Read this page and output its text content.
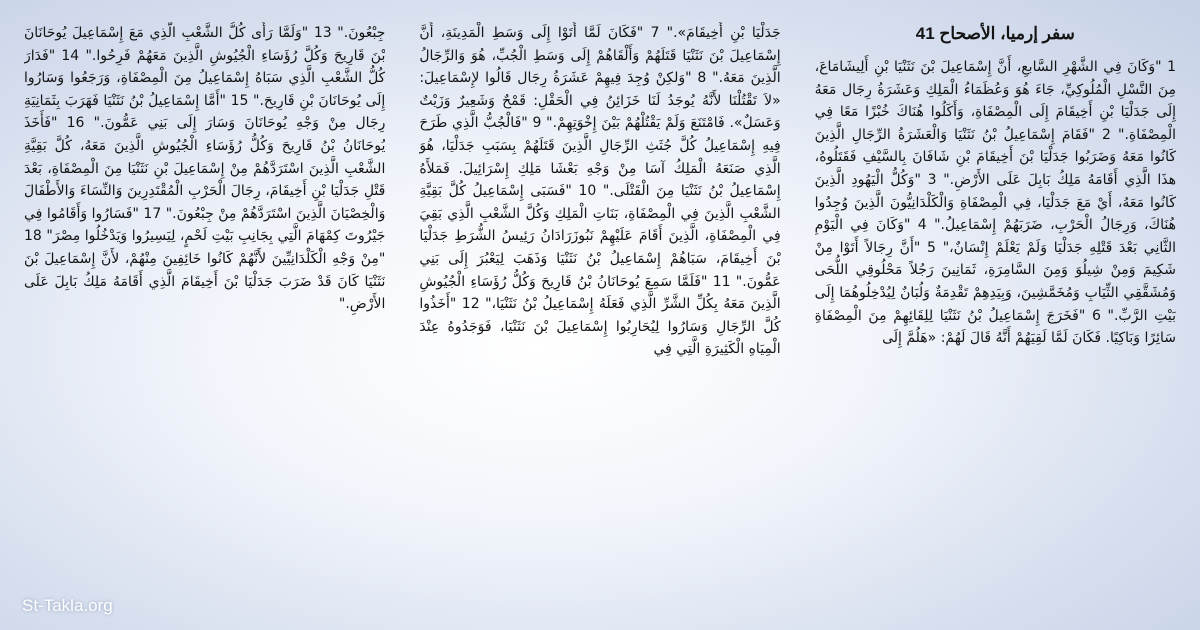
سفر إرميا، الأصحاح 41
1 "وَكَانَ فِي الشَّهْرِ السَّابعِ، أَنَّ إِسْمَاعِيلَ بْنَ نَثَنْيَا بْنِ أَلِيشَامَاعَ، مِنَ النَّسْلِ الْمُلُوكِيِّ، جَاءَ هُوَ وَعُظَمَاءُ الْمَلِكِ وَعَشَرَةُ رِجَال مَعَهُ إِلَى جَدَلْيَا بْنِ أَخِيقَامَ إِلَى الْمِصْفَاةِ، وَأَكَلُوا هُنَاكَ خُبْزًا مَعًا فِي الْمِصْفَاةِ." 2 "فَقَامَ إِسْمَاعِيلُ بْنُ نَثَنْيَا وَالْعَشَرَةُ الرِّجَالِ الَّذِينَ كَانُوا مَعَهُ وَضَرَبُوا جَدَلْيَا بْنَ أَخِيقَامَ بْنِ شَافَانَ بِالسَّيْفِ فَقَتَلُوهُ، هذَا الَّذِي أَقَامَهُ مَلِكُ بَابِلَ عَلَى الأَرْضِ." 3 "وَكُلُّ الْيَهُودِ الَّذِينَ كَانُوا مَعَهُ، أَيْ مَعَ جَدَلْيَا، فِي الْمِصْفَاةِ وَالْكَلْدَانِيُّونَ الَّذِينَ وُجِدُوا هُنَاكَ، وَرِجَالُ الْحَرْبِ، ضَرَبَهُمْ إِسْمَاعِيلُ." 4 "وَكَانَ فِي الْيَوْمِ الثَّانِي بَعْدَ قَتْلِهِ جَدَلْيَا وَلَمْ يَعْلَمْ إِنْسَانٌ،" 5 "أَنَّ رِجَالاً أَتَوْا مِنْ شَكِيمَ وَمِنْ شِيلُوَ وَمِنَ السَّامِرَةِ، ثَمَانِينَ رَجُلاً مَحْلُوقِي اللُّحَى وَمُشَقَّقِي الثِّيَابِ وَمُخَمَّشِينَ، وَبِيَدِهِمْ تَقْدِمَةٌ وَلُبَانٌ لِيُدْخِلُوهُمَا إِلَى بَيْتِ الرَّبِّ." 6 "فَخَرَجَ إِسْمَاعِيلُ بْنُ نَثَنْيَا لِلِقَائِهِمْ مِنَ الْمِصْفَاةِ سَائِرًا وَبَاكِيًا. فَكَانَ لَمَّا لَقِيَهُمْ أَنَّهُ قَالَ لَهُمْ: «هَلُمَّ إِلَى
جَدَلْيَا بْنِ أَخِيقَامَ»." 7 "فَكَانَ لَمَّا أَتَوْا إِلَى وَسَطِ الْمَدِينَةِ، أَنَّ إِسْمَاعِيلَ بْنَ نَثَنْيَا قَتَلَهُمْ وَأَلْقَاهُمْ إِلَى وَسَطِ الْجُبِّ، هُوَ وَالرِّجَالُ الَّذِينَ مَعَهُ." 8 "وَلكِنْ وُجِدَ فِيهِمْ عَشَرَةُ رِجَال قَالُوا لإِسْمَاعِيلَ: «لاَ تَقْتُلْنَا لأَنَّهُ يُوجَدُ لَنَا خَزَائِنُ فِي الْحَقْلِ: قَمْحٌ وَشَعِيرٌ وَزَيْتٌ وَعَسَلٌ». فَامْتَنَعَ وَلَمْ يَقْتُلْهُمْ بَيْنَ إِخْوَتِهِمْ." 9 "فَالْجُبُّ الَّذِي طَرَحَ فِيهِ إِسْمَاعِيلُ كُلَّ جُثَثِ الرِّجَالِ الَّذِينَ قَتَلَهُمْ بِسَبَبِ جَدَلْيَا، هُوَ الَّذِي صَنَعَهُ الْمَلِكُ آسَا مِنْ وَجْهِ بَعْشَا مَلِكِ إِسْرَائِيلَ. فَمَلأَهُ إِسْمَاعِيلُ بْنُ نَثَنْيَا مِنَ الْقَتْلَى." 10 "فَسَبَى إِسْمَاعِيلُ كُلَّ بَقِيَّةِ الشَّعْبِ الَّذِينَ فِي الْمِصْفَاةِ، بَنَاتِ الْمَلِكِ وَكُلَّ الشَّعْبِ الَّذِي بَقِيَ فِي الْمِصْفَاةِ، الَّذِينَ أَقَامَ عَلَيْهِمْ نَبُوزَرَادَانُ رَئِيسُ الشُّرَطِ جَدَلْيَا بْنَ أَخِيقَامَ، سَبَاهُمْ إِسْمَاعِيلُ بْنُ نَثَنْيَا وَذَهَبَ لِيَعْبُرَ إِلَى بَنِي عَمُّونَ." 11 "فَلَمَّا سَمِعَ يُوحَانَانُ بْنُ قَارِيحَ وَكُلُّ رُؤَسَاءِ الْجُيُوشِ الَّذِينَ مَعَهُ بِكُلِّ الشَّرِّ الَّذِي فَعَلَهُ إِسْمَاعِيلُ بْنُ نَثَنْيَا،" 12 "أَخَذُوا كُلَّ الرِّجَالِ وَسَارُوا لِيُحَارِبُوا إِسْمَاعِيلَ بْنَ نَثَنْيَا، فَوَجَدُوهُ عِنْدَ الْمِيَاهِ الْكَثِيرَةِ الَّتِي فِي
جِبْعُونَ." 13 "وَلَمَّا رَأَى كُلُّ الشَّعْبِ الَّذِي مَعَ إِسْمَاعِيلَ يُوحَانَانَ بْنَ قَارِيحَ وَكُلَّ رُؤَسَاءِ الْجُيُوشِ الَّذِينَ مَعَهُمْ فَرِحُوا." 14 "فَدَارَ كُلُّ الشَّعْبِ الَّذِي سَبَاهُ إِسْمَاعِيلُ مِنَ الْمِصْفَاةِ، وَرَجَعُوا وَسَارُوا إِلَى يُوحَانَانَ بْنِ قَارِيحَ." 15 "أَمَّا إِسْمَاعِيلُ بْنُ نَثَنْيَا فَهَرَبَ بِثَمَانِيَةِ رِجَال مِنْ وَجْهِ يُوحَانَانَ وَسَارَ إِلَى بَنِي عَمُّونَ." 16 "فَأَخَذَ يُوحَانَانُ بْنُ قَارِيحَ وَكُلُّ رُؤَسَاءِ الْجُيُوشِ الَّذِينَ مَعَهُ، كُلَّ بَقِيَّةِ الشَّعْبِ الَّذِينَ اسْتَرَدَّهُمْ مِنْ إِسْمَاعِيلَ بْنِ نَثَنْيَا مِنَ الْمِصْفَاةِ، بَعْدَ قَتْلِ جَدَلْيَا بْنِ أَخِيقَامَ، رِجَالَ الْحَرْبِ الْمُقْتَدِرِينَ وَالنِّسَاءَ وَالأَطْفَالَ وَالْخِصْيَانَ الَّذِينَ اسْتَرَدَّهُمْ مِنْ جِبْعُونَ." 17 "فَسَارُوا وَأَقَامُوا فِي جَيْرُوتَ كِمْهَامَ الَّتِي بِجَانِبِ بَيْتِ لَحْمٍ، لِيَسِيرُوا وَيَدْخُلُوا مِصْرَ" 18 "مِنْ وَجْهِ الْكَلْدَانِيِّينَ لأَنَّهُمْ كَانُوا خَائِفِينَ مِنْهُمْ، لأَنَّ إِسْمَاعِيلَ بْنَ نَثَنْيَا كَانَ قَدْ ضَرَبَ جَدَلْيَا بْنَ أَخِيقَامَ الَّذِي أَقَامَهُ مَلِكُ بَابِلَ عَلَى الأَرْضِ."
St-Takla.org
